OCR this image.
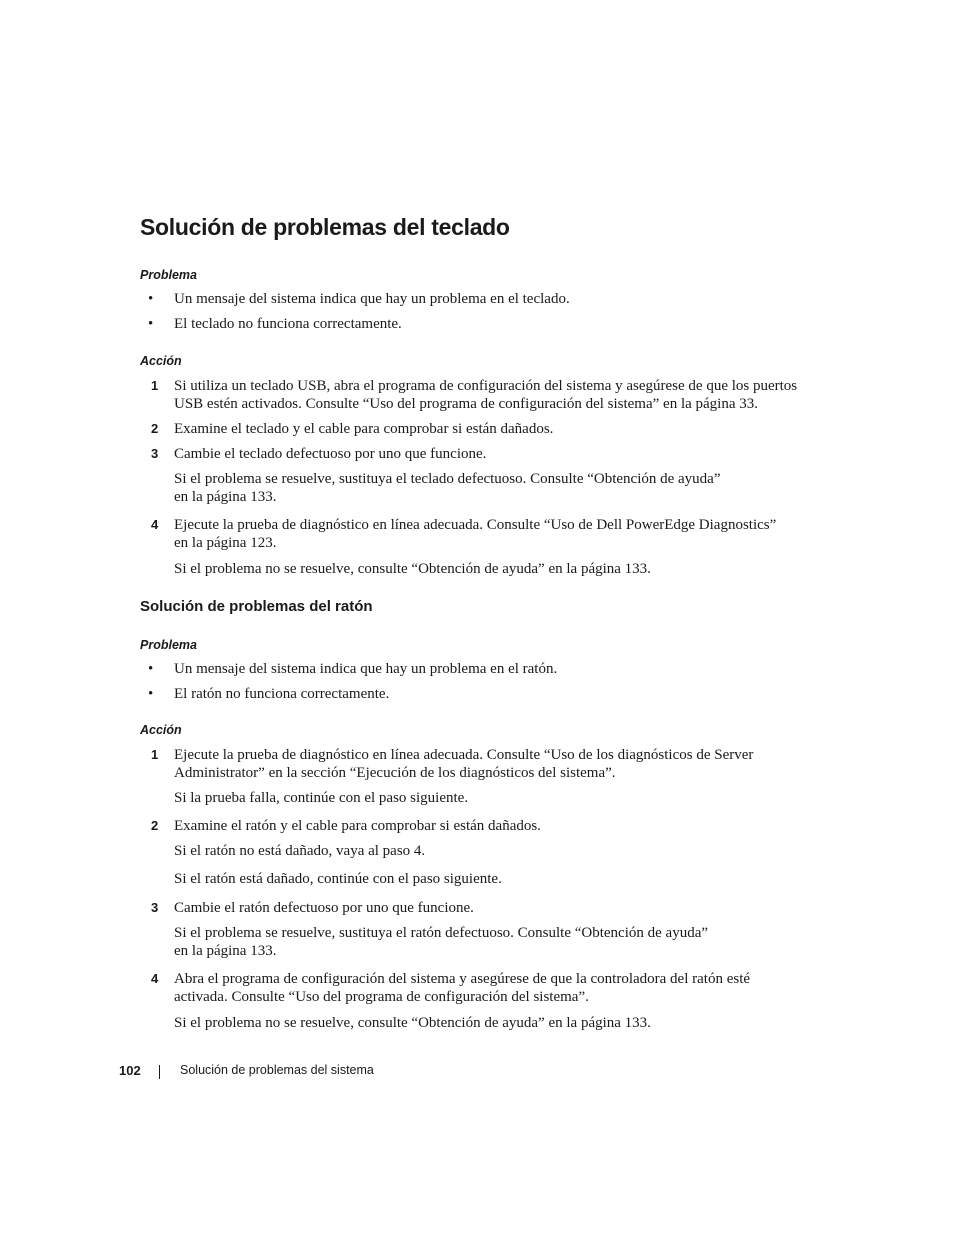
Solución de problemas del teclado
Problema
• Un mensaje del sistema indica que hay un problema en el teclado.
• El teclado no funciona correctamente.
Acción
1 Si utiliza un teclado USB, abra el programa de configuración del sistema y asegúrese de que los puertos
USB estén activados. Consulte “Uso del programa de configuración del sistema” en la página 33.
2 Examine el teclado y el cable para comprobar si están dañados.
3 Cambie el teclado defectuoso por uno que funcione.
Si el problema se resuelve, sustituya el teclado defectuoso. Consulte “Obtención de ayuda”
en la página 133.
4 Ejecute la prueba de diagnóstico en línea adecuada. Consulte “Uso de Dell PowerEdge Diagnostics”
en la página 123.
Si el problema no se resuelve, consulte “Obtención de ayuda” en la página 133.
Solución de problemas del ratón
Problema
• Un mensaje del sistema indica que hay un problema en el ratón.
• El ratón no funciona correctamente.
Acción
1 Ejecute la prueba de diagnóstico en línea adecuada. Consulte “Uso de los diagnósticos de Server
Administrator” en la sección “Ejecución de los diagnósticos del sistema”.
Si la prueba falla, continúe con el paso siguiente.
2 Examine el ratón y el cable para comprobar si están dañados.
Si el ratón no está dañado, vaya al paso 4.
Si el ratón está dañado, continúe con el paso siguiente.
3 Cambie el ratón defectuoso por uno que funcione.
Si el problema se resuelve, sustituya el ratón defectuoso. Consulte “Obtención de ayuda”
en la página 133.
4 Abra el programa de configuración del sistema y asegúrese de que la controladora del ratón esté
activada. Consulte “Uso del programa de configuración del sistema”.
Si el problema no se resuelve, consulte “Obtención de ayuda” en la página 133.
102	Solución de problemas del sistema
